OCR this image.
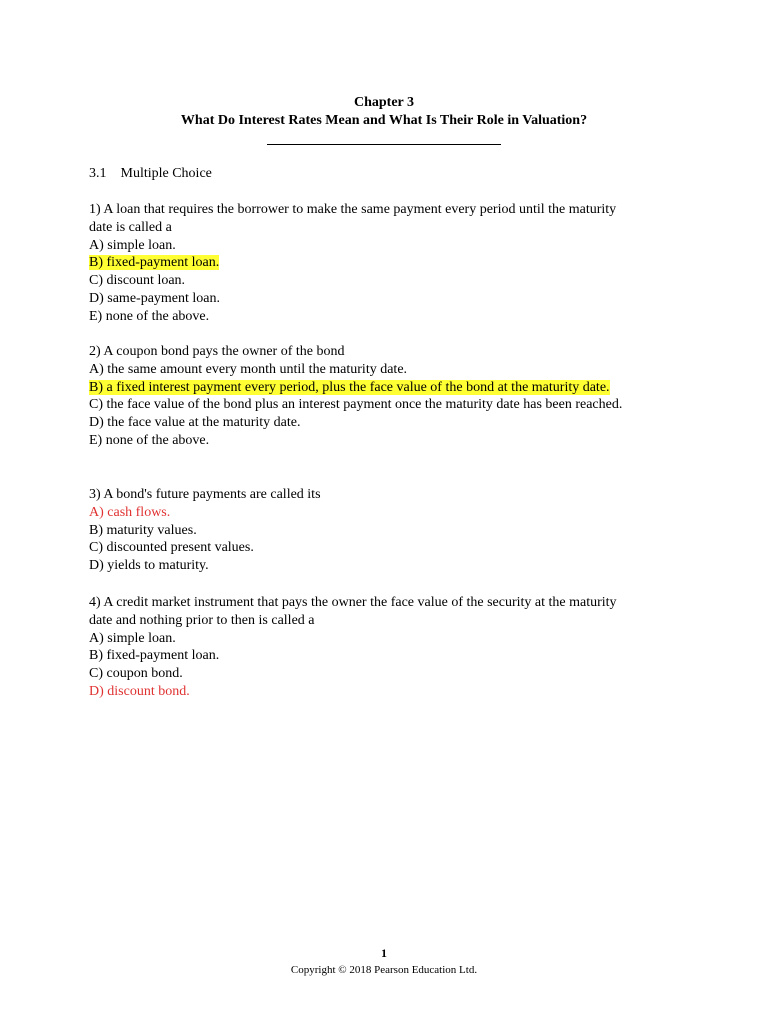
Chapter 3
What Do Interest Rates Mean and What Is Their Role in Valuation?
3.1 Multiple Choice
1) A loan that requires the borrower to make the same payment every period until the maturity
date is called a
A) simple loan.
B) fixed-payment loan.
C) discount loan.
D) same-payment loan.
E) none of the above.
2) A coupon bond pays the owner of the bond
A) the same amount every month until the maturity date.
B) a fixed interest payment every period, plus the face value of the bond at the maturity date.
C) the face value of the bond plus an interest payment once the maturity date has been reached.
D) the face value at the maturity date.
E) none of the above.
3) A bond's future payments are called its
A) cash flows.
B) maturity values.
C) discounted present values.
D) yields to maturity.
4) A credit market instrument that pays the owner the face value of the security at the maturity
date and nothing prior to then is called a
A) simple loan.
B) fixed-payment loan.
C) coupon bond.
D) discount bond.
1
Copyright © 2018 Pearson Education Ltd.
